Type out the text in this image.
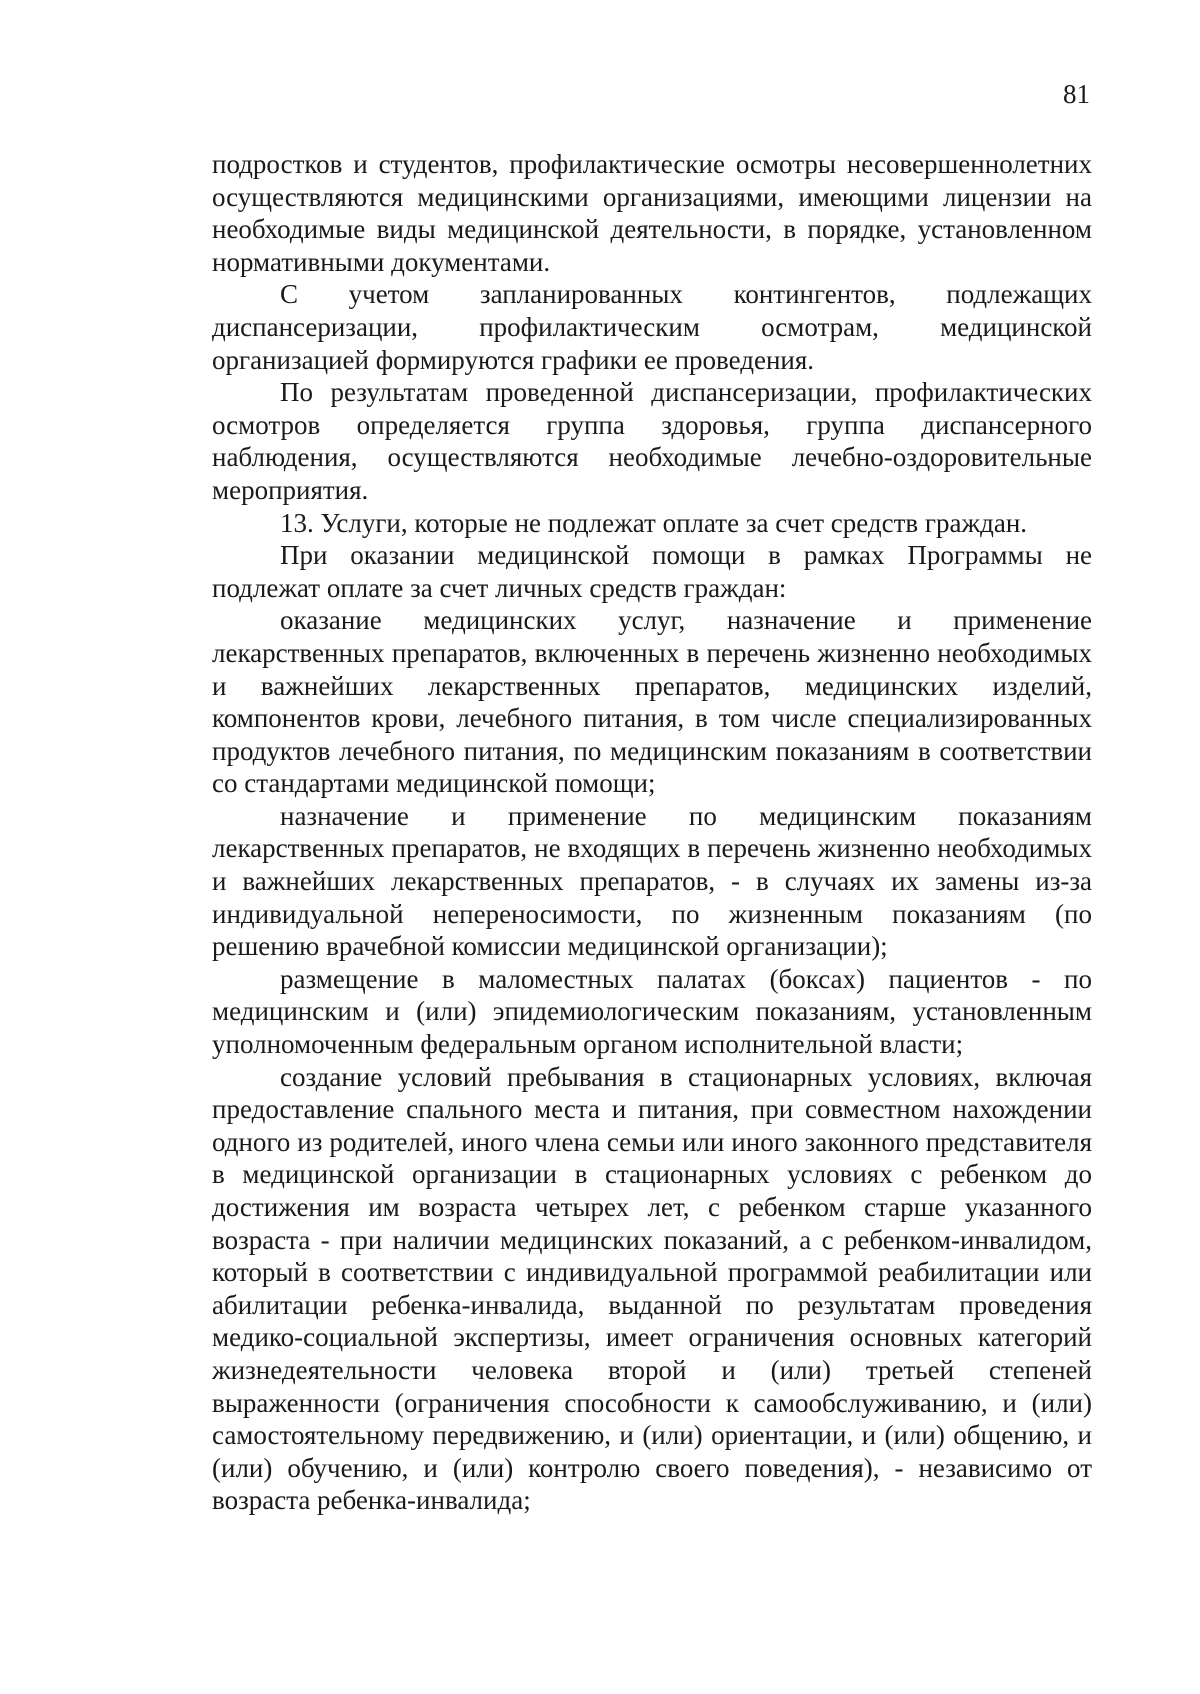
81

подростков и студентов, профилактические осмотры несовершеннолетних осуществляются медицинскими организациями, имеющими лицензии на необходимые виды медицинской деятельности, в порядке, установленном нормативными документами.

С учетом запланированных контингентов, подлежащих диспансеризации, профилактическим осмотрам, медицинской организацией формируются графики ее проведения.

По результатам проведенной диспансеризации, профилактических осмотров определяется группа здоровья, группа диспансерного наблюдения, осуществляются необходимые лечебно-оздоровительные мероприятия.

13. Услуги, которые не подлежат оплате за счет средств граждан.

При оказании медицинской помощи в рамках Программы не подлежат оплате за счет личных средств граждан:

оказание медицинских услуг, назначение и применение лекарственных препаратов, включенных в перечень жизненно необходимых и важнейших лекарственных препаратов, медицинских изделий, компонентов крови, лечебного питания, в том числе специализированных продуктов лечебного питания, по медицинским показаниям в соответствии со стандартами медицинской помощи;

назначение и применение по медицинским показаниям лекарственных препаратов, не входящих в перечень жизненно необходимых и важнейших лекарственных препаратов, - в случаях их замены из-за индивидуальной непереносимости, по жизненным показаниям (по решению врачебной комиссии медицинской организации);

размещение в маломестных палатах (боксах) пациентов - по медицинским и (или) эпидемиологическим показаниям, установленным уполномоченным федеральным органом исполнительной власти;

создание условий пребывания в стационарных условиях, включая предоставление спального места и питания, при совместном нахождении одного из родителей, иного члена семьи или иного законного представителя в медицинской организации в стационарных условиях с ребенком до достижения им возраста четырех лет, с ребенком старше указанного возраста - при наличии медицинских показаний, а с ребенком-инвалидом, который в соответствии с индивидуальной программой реабилитации или абилитации ребенка-инвалида, выданной по результатам проведения медико-социальной экспертизы, имеет ограничения основных категорий жизнедеятельности человека второй и (или) третьей степеней выраженности (ограничения способности к самообслуживанию, и (или) самостоятельному передвижению, и (или) ориентации, и (или) общению, и (или) обучению, и (или) контролю своего поведения), - независимо от возраста ребенка-инвалида;
